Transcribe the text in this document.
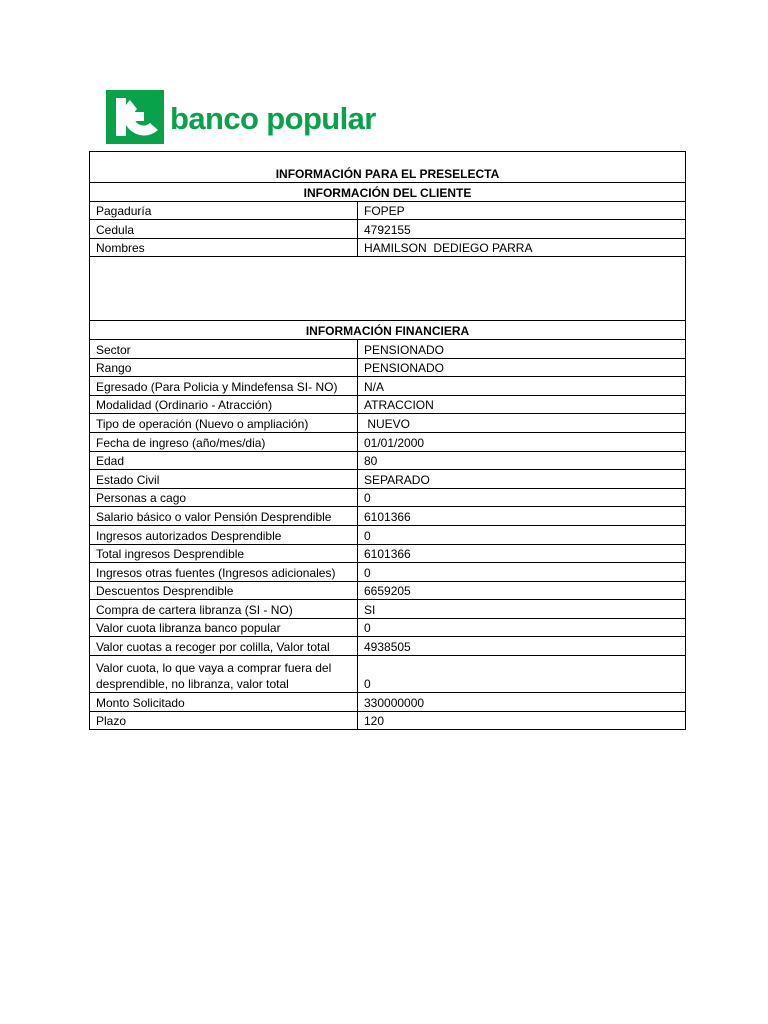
banco popular
INFORMACIÓN PARA EL PRESELECTA	
INFORMACIÓN DEL CLIENTE	
Pagaduría	FOPEP
Cedula	4792155
Nombres	HAMILSON  DEDIEGO PARRA

INFORMACIÓN FINANCIERA	
Sector	PENSIONADO
Rango	PENSIONADO
Egresado (Para Policia y Mindefensa SI- NO)	N/A
Modalidad (Ordinario - Atracción)	ATRACCION
Tipo de operación (Nuevo o ampliación)	NUEVO
Fecha de ingreso (año/mes/dia)	01/01/2000
Edad	80
Estado Civil	SEPARADO
Personas a cago	0
Salario básico o valor Pensión Desprendible	6101366
Ingresos autorizados Desprendible	0
Total ingresos Desprendible	6101366
Ingresos otras fuentes (Ingresos adicionales)	0
Descuentos Desprendible	6659205
Compra de cartera libranza (SI - NO)	SI
Valor cuota libranza banco popular	0
Valor cuotas a recoger por colilla, Valor total	4938505
Valor cuota, lo que vaya a comprar fuera del desprendible, no libranza, valor total	0
Monto Solicitado	330000000
Plazo	120
